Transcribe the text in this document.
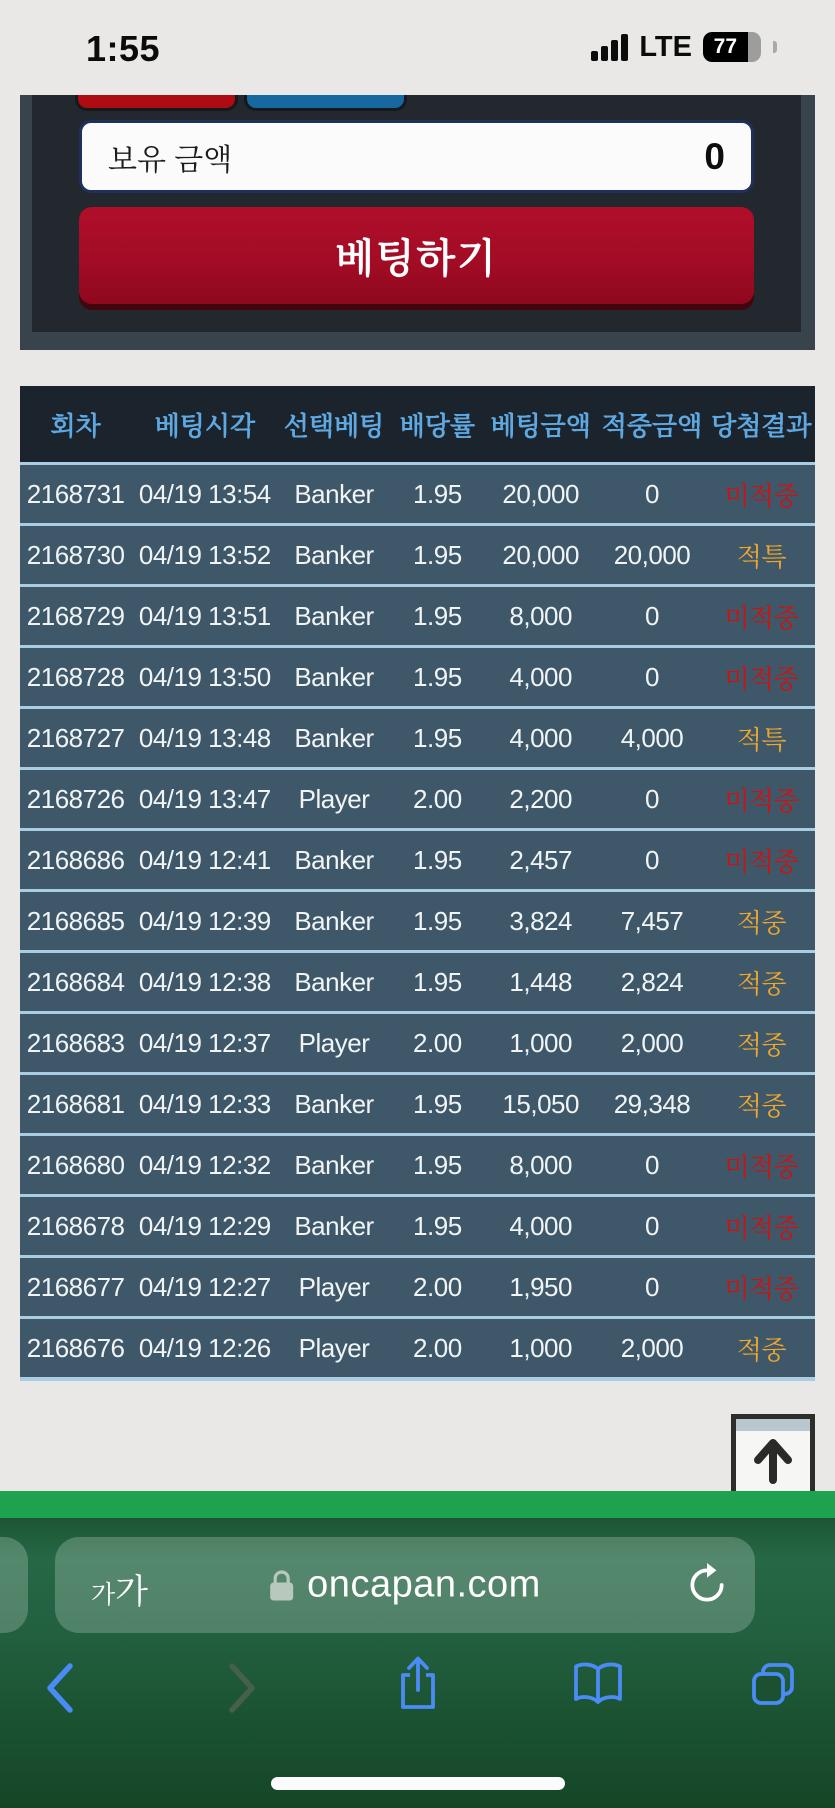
1:55	LTE	77
보유 금액	0
베팅하기
회차	베팅시각	선택베팅	배당률	베팅금액	적중금액	당첨결과
2168731	04/19 13:54	Banker	1.95	20,000	0	미적중
2168730	04/19 13:52	Banker	1.95	20,000	20,000	적특
2168729	04/19 13:51	Banker	1.95	8,000	0	미적중
2168728	04/19 13:50	Banker	1.95	4,000	0	미적중
2168727	04/19 13:48	Banker	1.95	4,000	4,000	적특
2168726	04/19 13:47	Player	2.00	2,200	0	미적중
2168686	04/19 12:41	Banker	1.95	2,457	0	미적중
2168685	04/19 12:39	Banker	1.95	3,824	7,457	적중
2168684	04/19 12:38	Banker	1.95	1,448	2,824	적중
2168683	04/19 12:37	Player	2.00	1,000	2,000	적중
2168681	04/19 12:33	Banker	1.95	15,050	29,348	적중
2168680	04/19 12:32	Banker	1.95	8,000	0	미적중
2168678	04/19 12:29	Banker	1.95	4,000	0	미적중
2168677	04/19 12:27	Player	2.00	1,950	0	미적중
2168676	04/19 12:26	Player	2.00	1,000	2,000	적중
가가	oncapan.com
